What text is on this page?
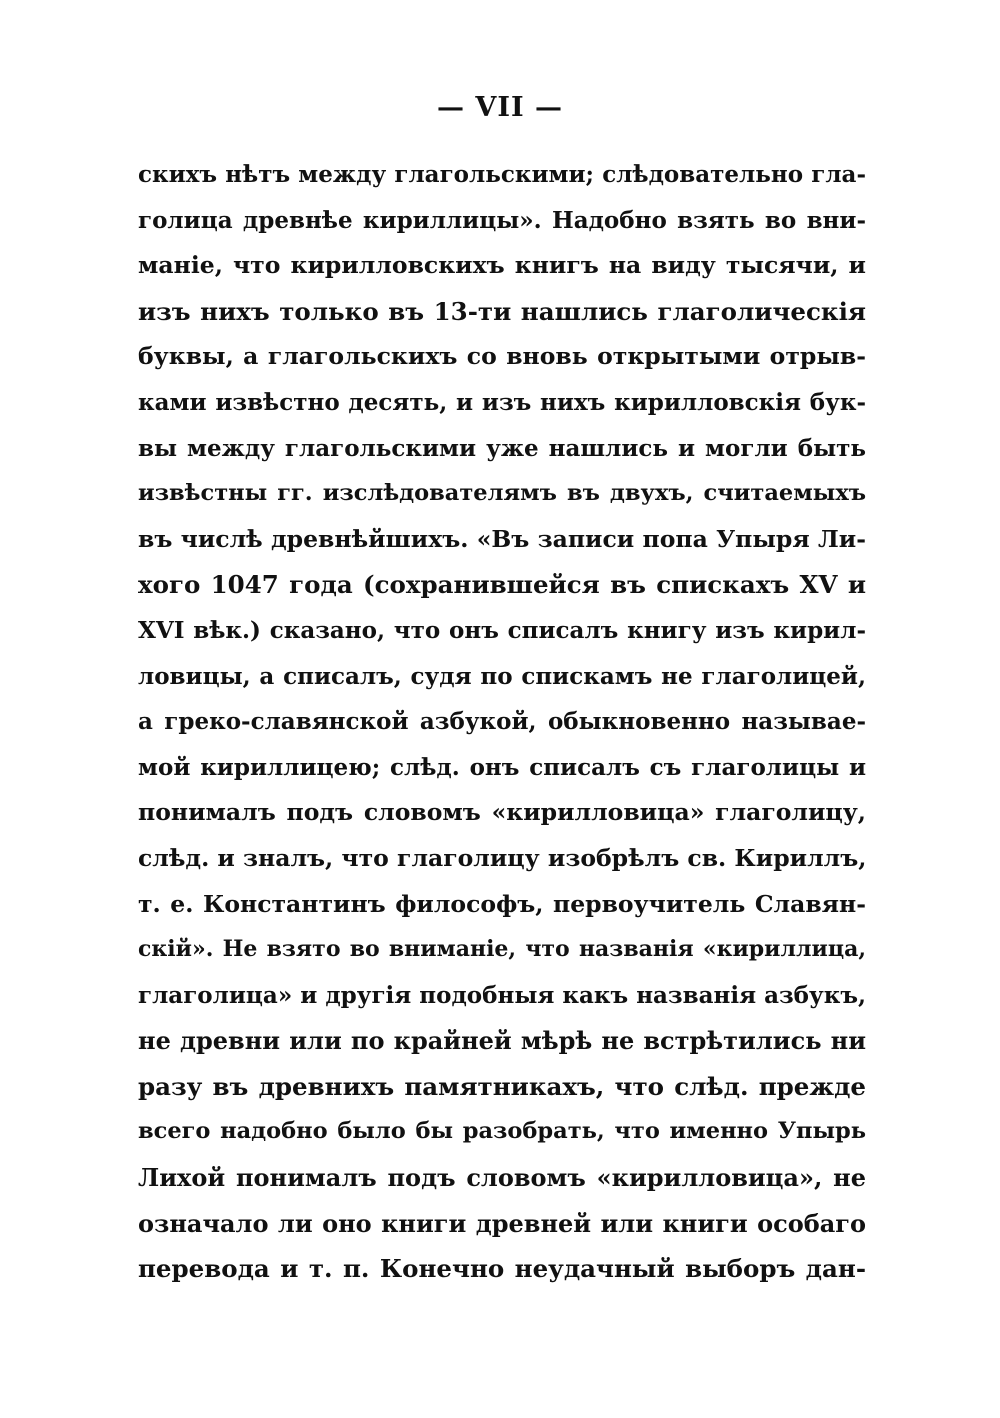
— VII —
скихъ нѣтъ между глагольскими; слѣдовательно гла-
голица древнѣе кириллицы». Надобно взять во вни-
маніе, что кирилловскихъ книгъ на виду тысячи, и
изъ нихъ только въ 13-ти нашлись глаголическія
буквы, а глагольскихъ со вновь открытыми отрыв-
ками извѣстно десять, и изъ нихъ кирилловскія бук-
вы между глагольскими уже нашлись и могли быть
извѣстны гг. изслѣдователямъ въ двухъ, считаемыхъ
въ числѣ древнѣйшихъ. «Въ записи попа Упыря Ли-
хого 1047 года (сохранившейся въ спискахъ XV и
XVI вѣк.) сказано, что онъ списалъ книгу изъ кирил-
ловицы, а списалъ, судя по спискамъ не глаголицей,
а греко-славянской азбукой, обыкновенно называе-
мой кириллицею; слѣд. онъ списалъ съ глаголицы и
понималъ подъ словомъ «кирилловица» глаголицу,
слѣд. и зналъ, что глаголицу изобрѣлъ св. Кириллъ,
т. е. Константинъ философъ, первоучитель Славян-
скій». Не взято во вниманіе, что названія «кириллица,
глаголица» и другія подобныя какъ названія азбукъ,
не древни или по крайней мѣрѣ не встрѣтились ни
разу въ древнихъ памятникахъ, что слѣд. прежде
всего надобно было бы разобрать, что именно Упырь
Лихой понималъ подъ словомъ «кирилловица», не
означало ли оно книги древней или книги особагo
перевода и т. п. Конечно неудачный выборъ дан-
